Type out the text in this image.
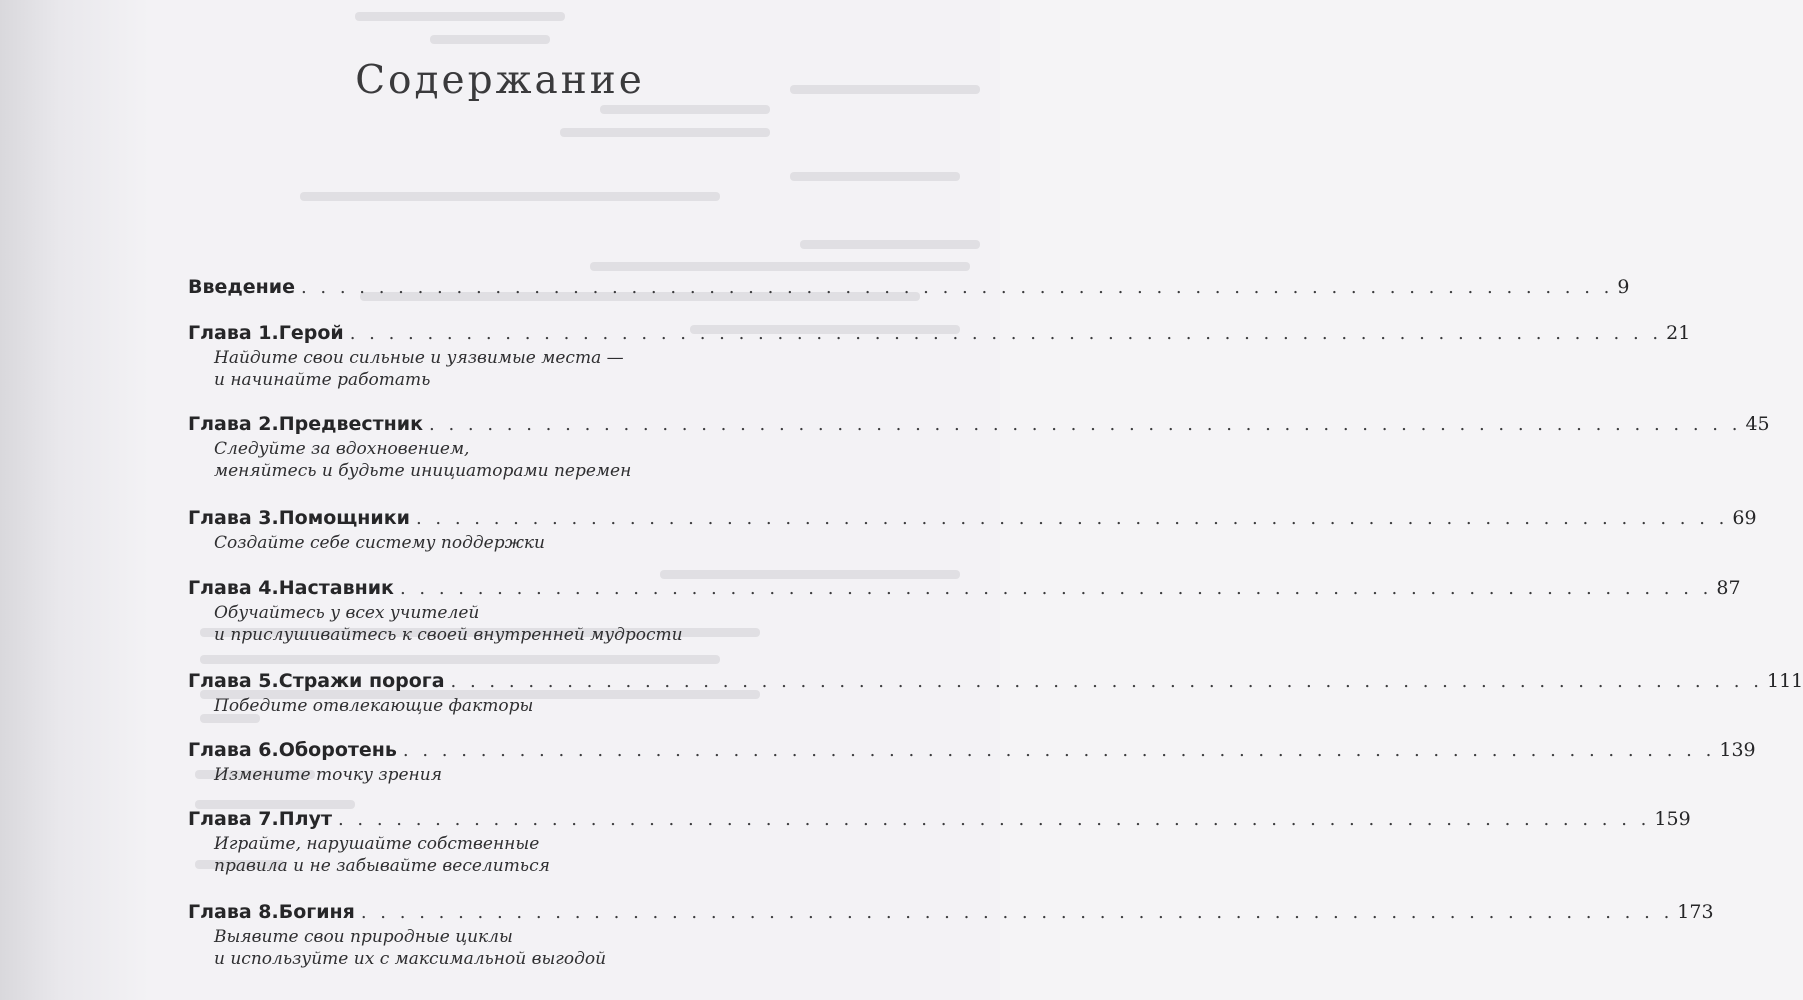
Содержание
Введение . . . . . . . . . . . . . . . . . . . . . . . . . . . . . . . . . . . . . . . . . . . . . . . . . . . . . . . . . . . . . . . . . . . . 9
Глава 1. Герой . . . . . . . . . . . . . . . . . . . . . . . . . . . . . . . . . . . . . . . . . . . . . . . . . . . . . . . . . . . . . . . . . . . . 21
Найдите свои сильные и уязвимые места —
и начинайте работать
Глава 2. Предвестник . . . . . . . . . . . . . . . . . . . . . . . . . . . . . . . . . . . . . . . . . . . . . . . . . . . . . . . . . . . . . . . . . . . . 45
Следуйте за вдохновением,
меняйтесь и будьте инициаторами перемен
Глава 3. Помощники . . . . . . . . . . . . . . . . . . . . . . . . . . . . . . . . . . . . . . . . . . . . . . . . . . . . . . . . . . . . . . . . . . . . 69
Создайте себе систему поддержки
Глава 4. Наставник . . . . . . . . . . . . . . . . . . . . . . . . . . . . . . . . . . . . . . . . . . . . . . . . . . . . . . . . . . . . . . . . . . . . 87
Обучайтесь у всех учителей
и прислушивайтесь к своей внутренней мудрости
Глава 5. Стражи порога . . . . . . . . . . . . . . . . . . . . . . . . . . . . . . . . . . . . . . . . . . . . . . . . . . . . . . . . . . . . . . . . . . . . 111
Победите отвлекающие факторы
Глава 6. Оборотень . . . . . . . . . . . . . . . . . . . . . . . . . . . . . . . . . . . . . . . . . . . . . . . . . . . . . . . . . . . . . . . . . . . . 139
Измените точку зрения
Глава 7. Плут . . . . . . . . . . . . . . . . . . . . . . . . . . . . . . . . . . . . . . . . . . . . . . . . . . . . . . . . . . . . . . . . . . . . 159
Играйте, нарушайте собственные
правила и не забывайте веселиться
Глава 8. Богиня . . . . . . . . . . . . . . . . . . . . . . . . . . . . . . . . . . . . . . . . . . . . . . . . . . . . . . . . . . . . . . . . . . . . 173
Выявите свои природные циклы
и используйте их с максимальной выгодой
